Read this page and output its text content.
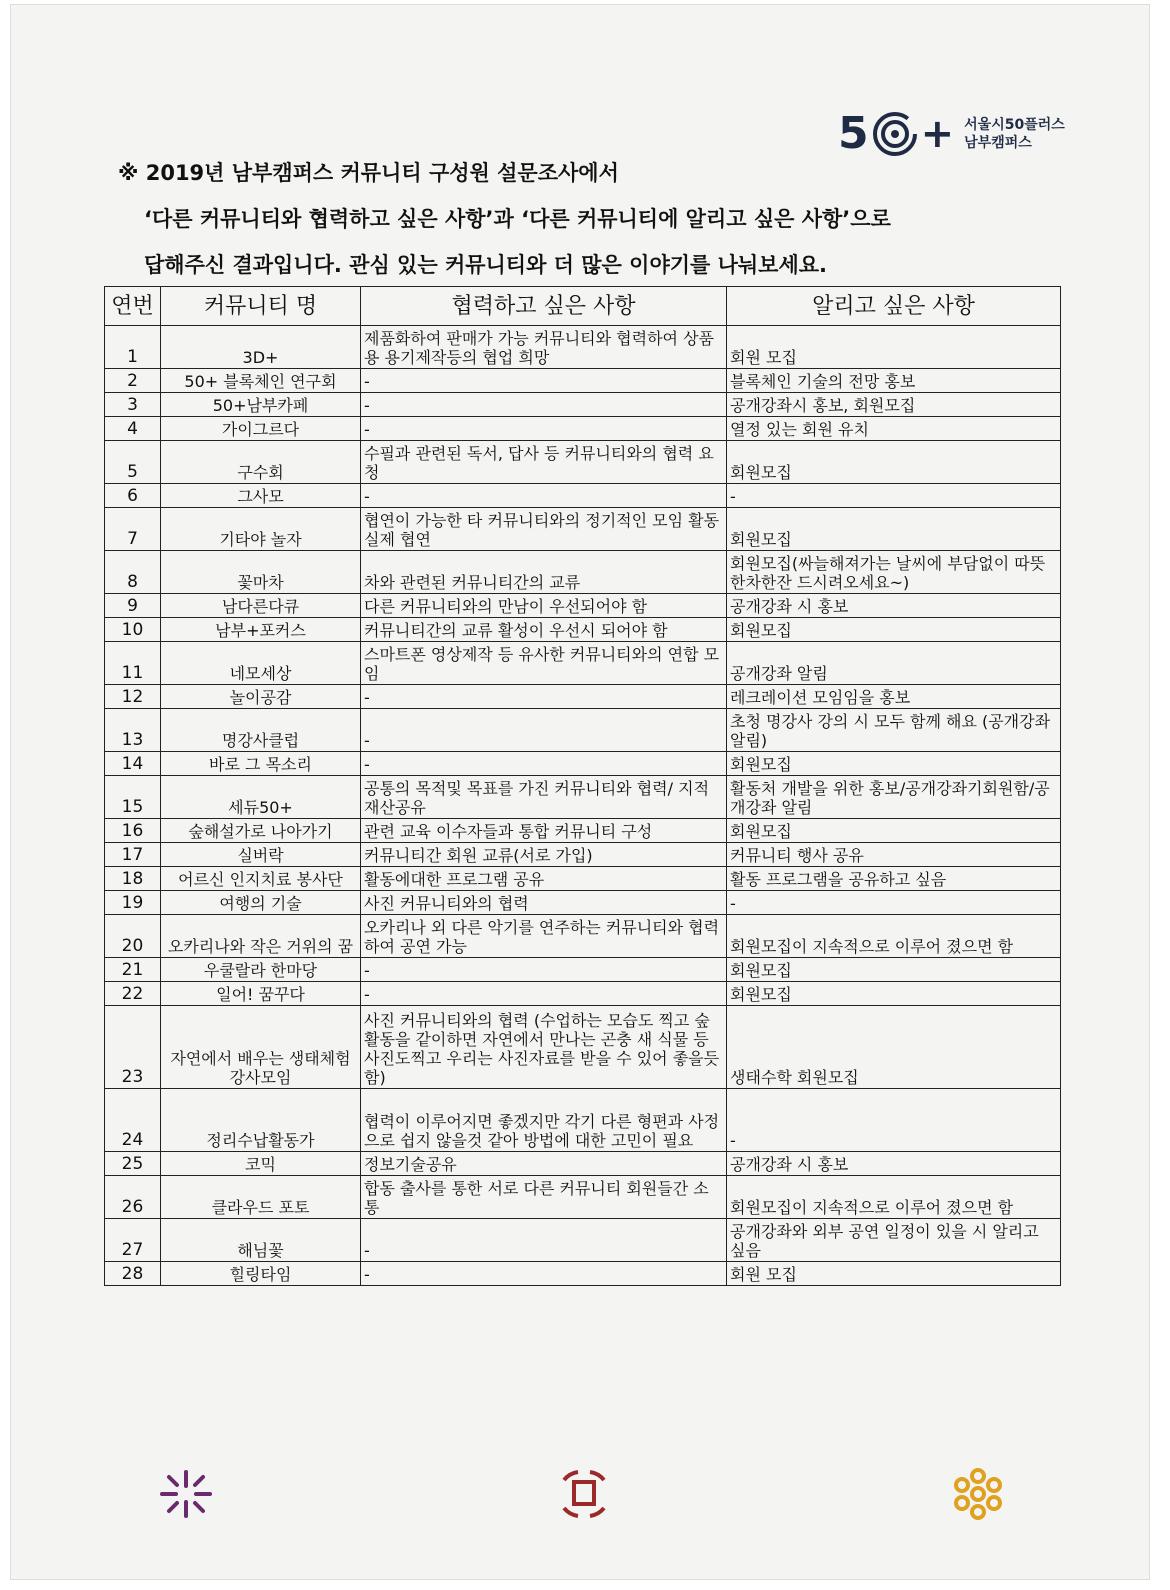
5 + 서울시50플러스
남부캠퍼스
※ 2019년 남부캠퍼스 커뮤니티 구성원 설문조사에서
‘다른 커뮤니티와 협력하고 싶은 사항’과 ‘다른 커뮤니티에 알리고 싶은 사항’으로
답해주신 결과입니다. 관심 있는 커뮤니티와 더 많은 이야기를 나눠보세요.
연번	커뮤니티 명	협력하고 싶은 사항	알리고 싶은 사항
1	3D+	제품화하여 판매가 가능 커뮤니티와 협력하여 상품용 용기제작등의 협업 희망	회원 모집
2	50+ 블록체인 연구회	-	블록체인 기술의 전망 홍보
3	50+남부카페	-	공개강좌시 홍보, 회원모집
4	가이그르다	-	열정 있는 회원 유치
5	구수회	수필과 관련된 독서, 답사 등 커뮤니티와의 협력 요청	회원모집
6	그사모	-	-
7	기타야 놀자	협연이 가능한 타 커뮤니티와의 정기적인 모임 활동 실제 협연	회원모집
8	꽃마차	차와 관련된 커뮤니티간의 교류	회원모집(싸늘해져가는 날씨에 부담없이 따뜻한차한잔 드시려오세요~)
9	남다른다큐	다른 커뮤니티와의 만남이 우선되어야 함	공개강좌 시 홍보
10	남부+포커스	커뮤니티간의 교류 활성이 우선시 되어야 함	회원모집
11	네모세상	스마트폰 영상제작 등 유사한 커뮤니티와의 연합 모임	공개강좌 알림
12	놀이공감	-	레크레이션 모임임을 홍보
13	명강사클럽	-	초청 명강사 강의 시 모두 함께 해요 (공개강좌 알림)
14	바로 그 목소리	-	회원모집
15	세듀50+	공통의 목적및 목표를 가진 커뮤니티와 협력/ 지적재산공유	활동처 개발을 위한 홍보/공개강좌기회원함/공개강좌 알림
16	숲해설가로 나아가기	관련 교육 이수자들과 통합 커뮤니티 구성	회원모집
17	실버락	커뮤니티간 회원 교류(서로 가입)	커뮤니티 행사 공유
18	어르신 인지치료 봉사단	활동에대한 프로그램 공유	활동 프로그램을 공유하고 싶음
19	여행의 기술	사진 커뮤니티와의 협력	-
20	오카리나와 작은 거위의 꿈	오카리나 외 다른 악기를 연주하는 커뮤니티와 협력하여 공연 가능	회원모집이 지속적으로 이루어 졌으면 함
21	우쿨랄라 한마당	-	회원모집
22	일어! 꿈꾸다	-	회원모집
23	자연에서 배우는 생태체험 강사모임	사진 커뮤니티와의 협력 (수업하는 모습도 찍고 숲활동을 같이하면 자연에서 만나는 곤충 새 식물 등 사진도찍고 우리는 사진자료를 받을 수 있어 좋을듯 함)	생태수학 회원모집
24	정리수납활동가	협력이 이루어지면 좋겠지만 각기 다른 형편과 사정으로 쉽지 않을것 같아 방법에 대한 고민이 필요	-
25	코믹	정보기술공유	공개강좌 시 홍보
26	클라우드 포토	합동 출사를 통한 서로 다른 커뮤니티 회원들간 소통	회원모집이 지속적으로 이루어 졌으면 함
27	해님꽃	-	공개강좌와 외부 공연 일정이 있을 시 알리고 싶음
28	힐링타임	-	회원 모집
